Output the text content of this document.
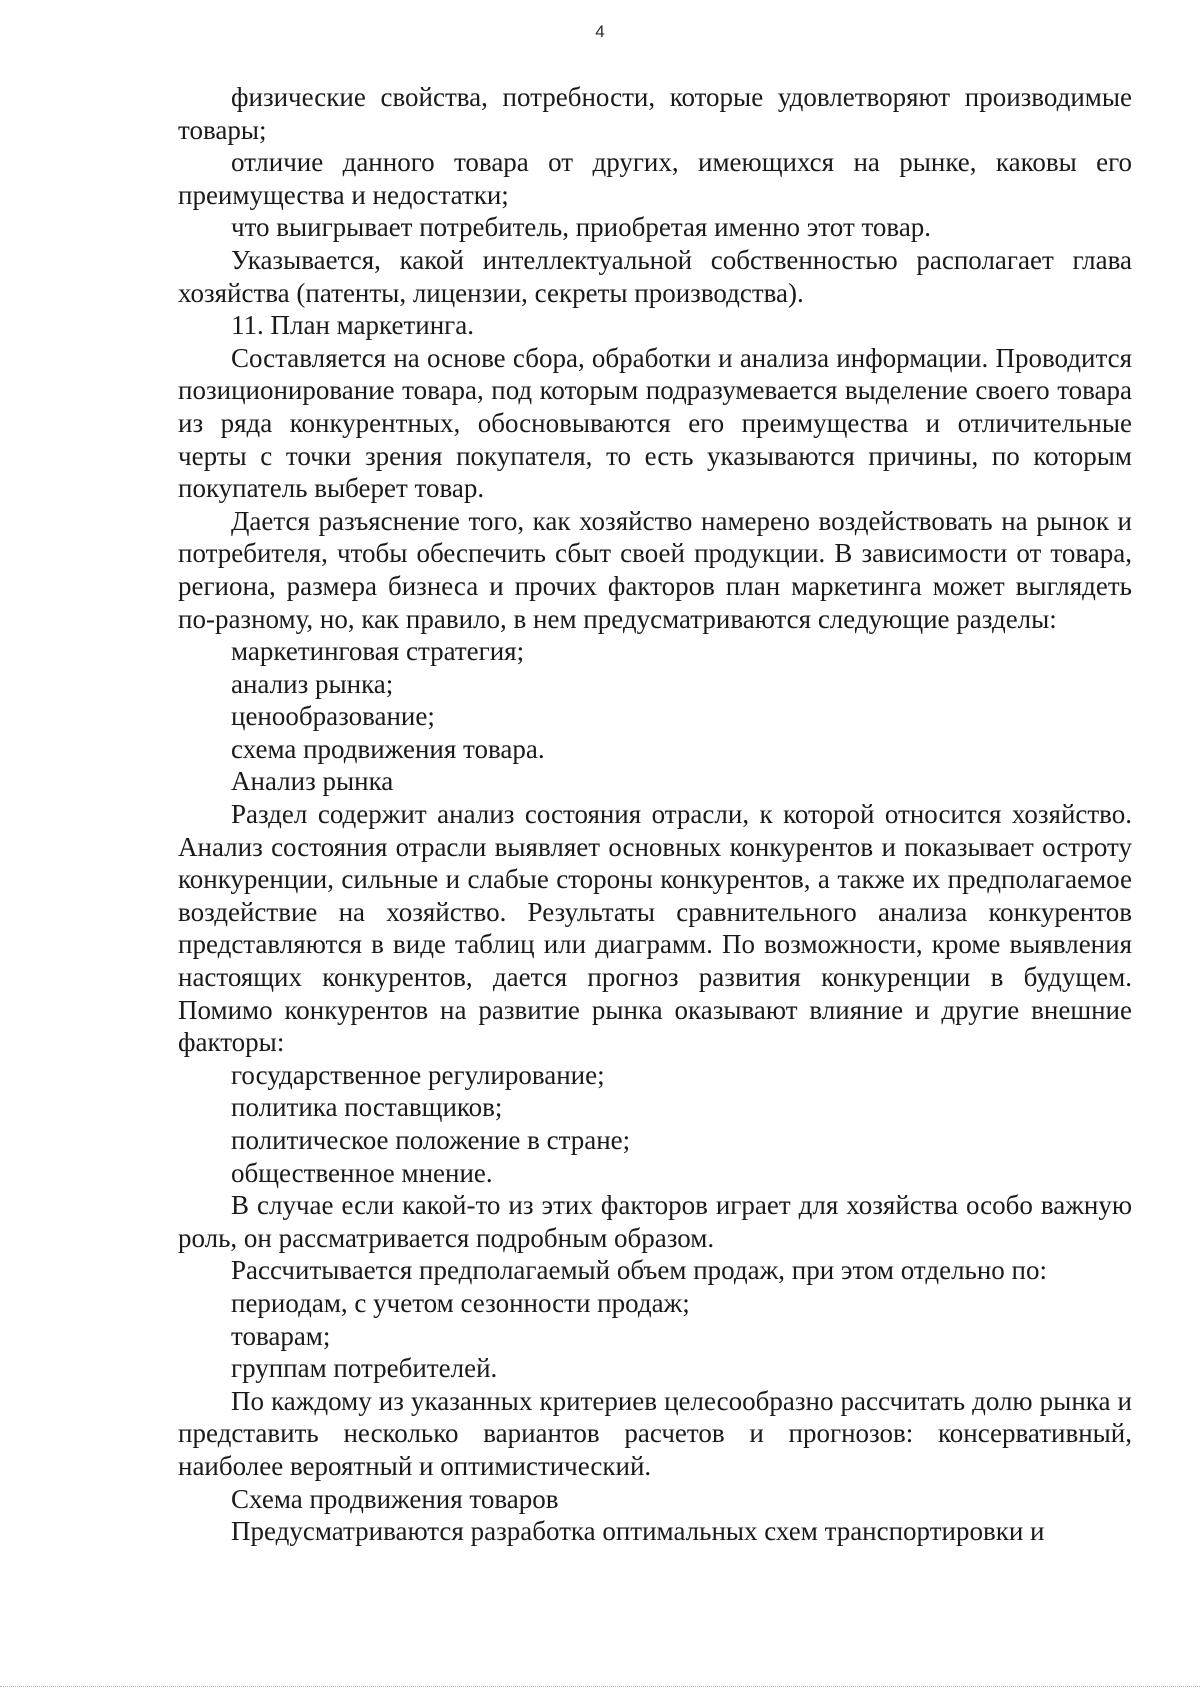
4

физические свойства, потребности, которые удовлетворяют производимые товары;

отличие данного товара от других, имеющихся на рынке, каковы его преимущества и недостатки;

что выигрывает потребитель, приобретая именно этот товар.

Указывается, какой интеллектуальной собственностью располагает глава хозяйства (патенты, лицензии, секреты производства).

11. План маркетинга.

Составляется на основе сбора, обработки и анализа информации. Проводится позиционирование товара, под которым подразумевается выделение своего товара из ряда конкурентных, обосновываются его преимущества и отличительные черты с точки зрения покупателя, то есть указываются причины, по которым покупатель выберет товар.

Дается разъяснение того, как хозяйство намерено воздействовать на рынок и потребителя, чтобы обеспечить сбыт своей продукции. В зависимости от товара, региона, размера бизнеса и прочих факторов план маркетинга может выглядеть по-разному, но, как правило, в нем предусматриваются следующие разделы:

маркетинговая стратегия;

анализ рынка;

ценообразование;

схема продвижения товара.

Анализ рынка

Раздел содержит анализ состояния отрасли, к которой относится хозяйство. Анализ состояния отрасли выявляет основных конкурентов и показывает остроту конкуренции, сильные и слабые стороны конкурентов, а также их предполагаемое воздействие на хозяйство. Результаты сравнительного анализа конкурентов представляются в виде таблиц или диаграмм. По возможности, кроме выявления настоящих конкурентов, дается прогноз развития конкуренции в будущем. Помимо конкурентов на развитие рынка оказывают влияние и другие внешние факторы:

государственное регулирование;

политика поставщиков;

политическое положение в стране;

общественное мнение.

В случае если какой-то из этих факторов играет для хозяйства особо важную роль, он рассматривается подробным образом.

Рассчитывается предполагаемый объем продаж, при этом отдельно по:

периодам, с учетом сезонности продаж;

товарам;

группам потребителей.

По каждому из указанных критериев целесообразно рассчитать долю рынка и представить несколько вариантов расчетов и прогнозов: консервативный, наиболее вероятный и оптимистический.

Схема продвижения товаров

Предусматриваются разработка оптимальных схем транспортировки и
